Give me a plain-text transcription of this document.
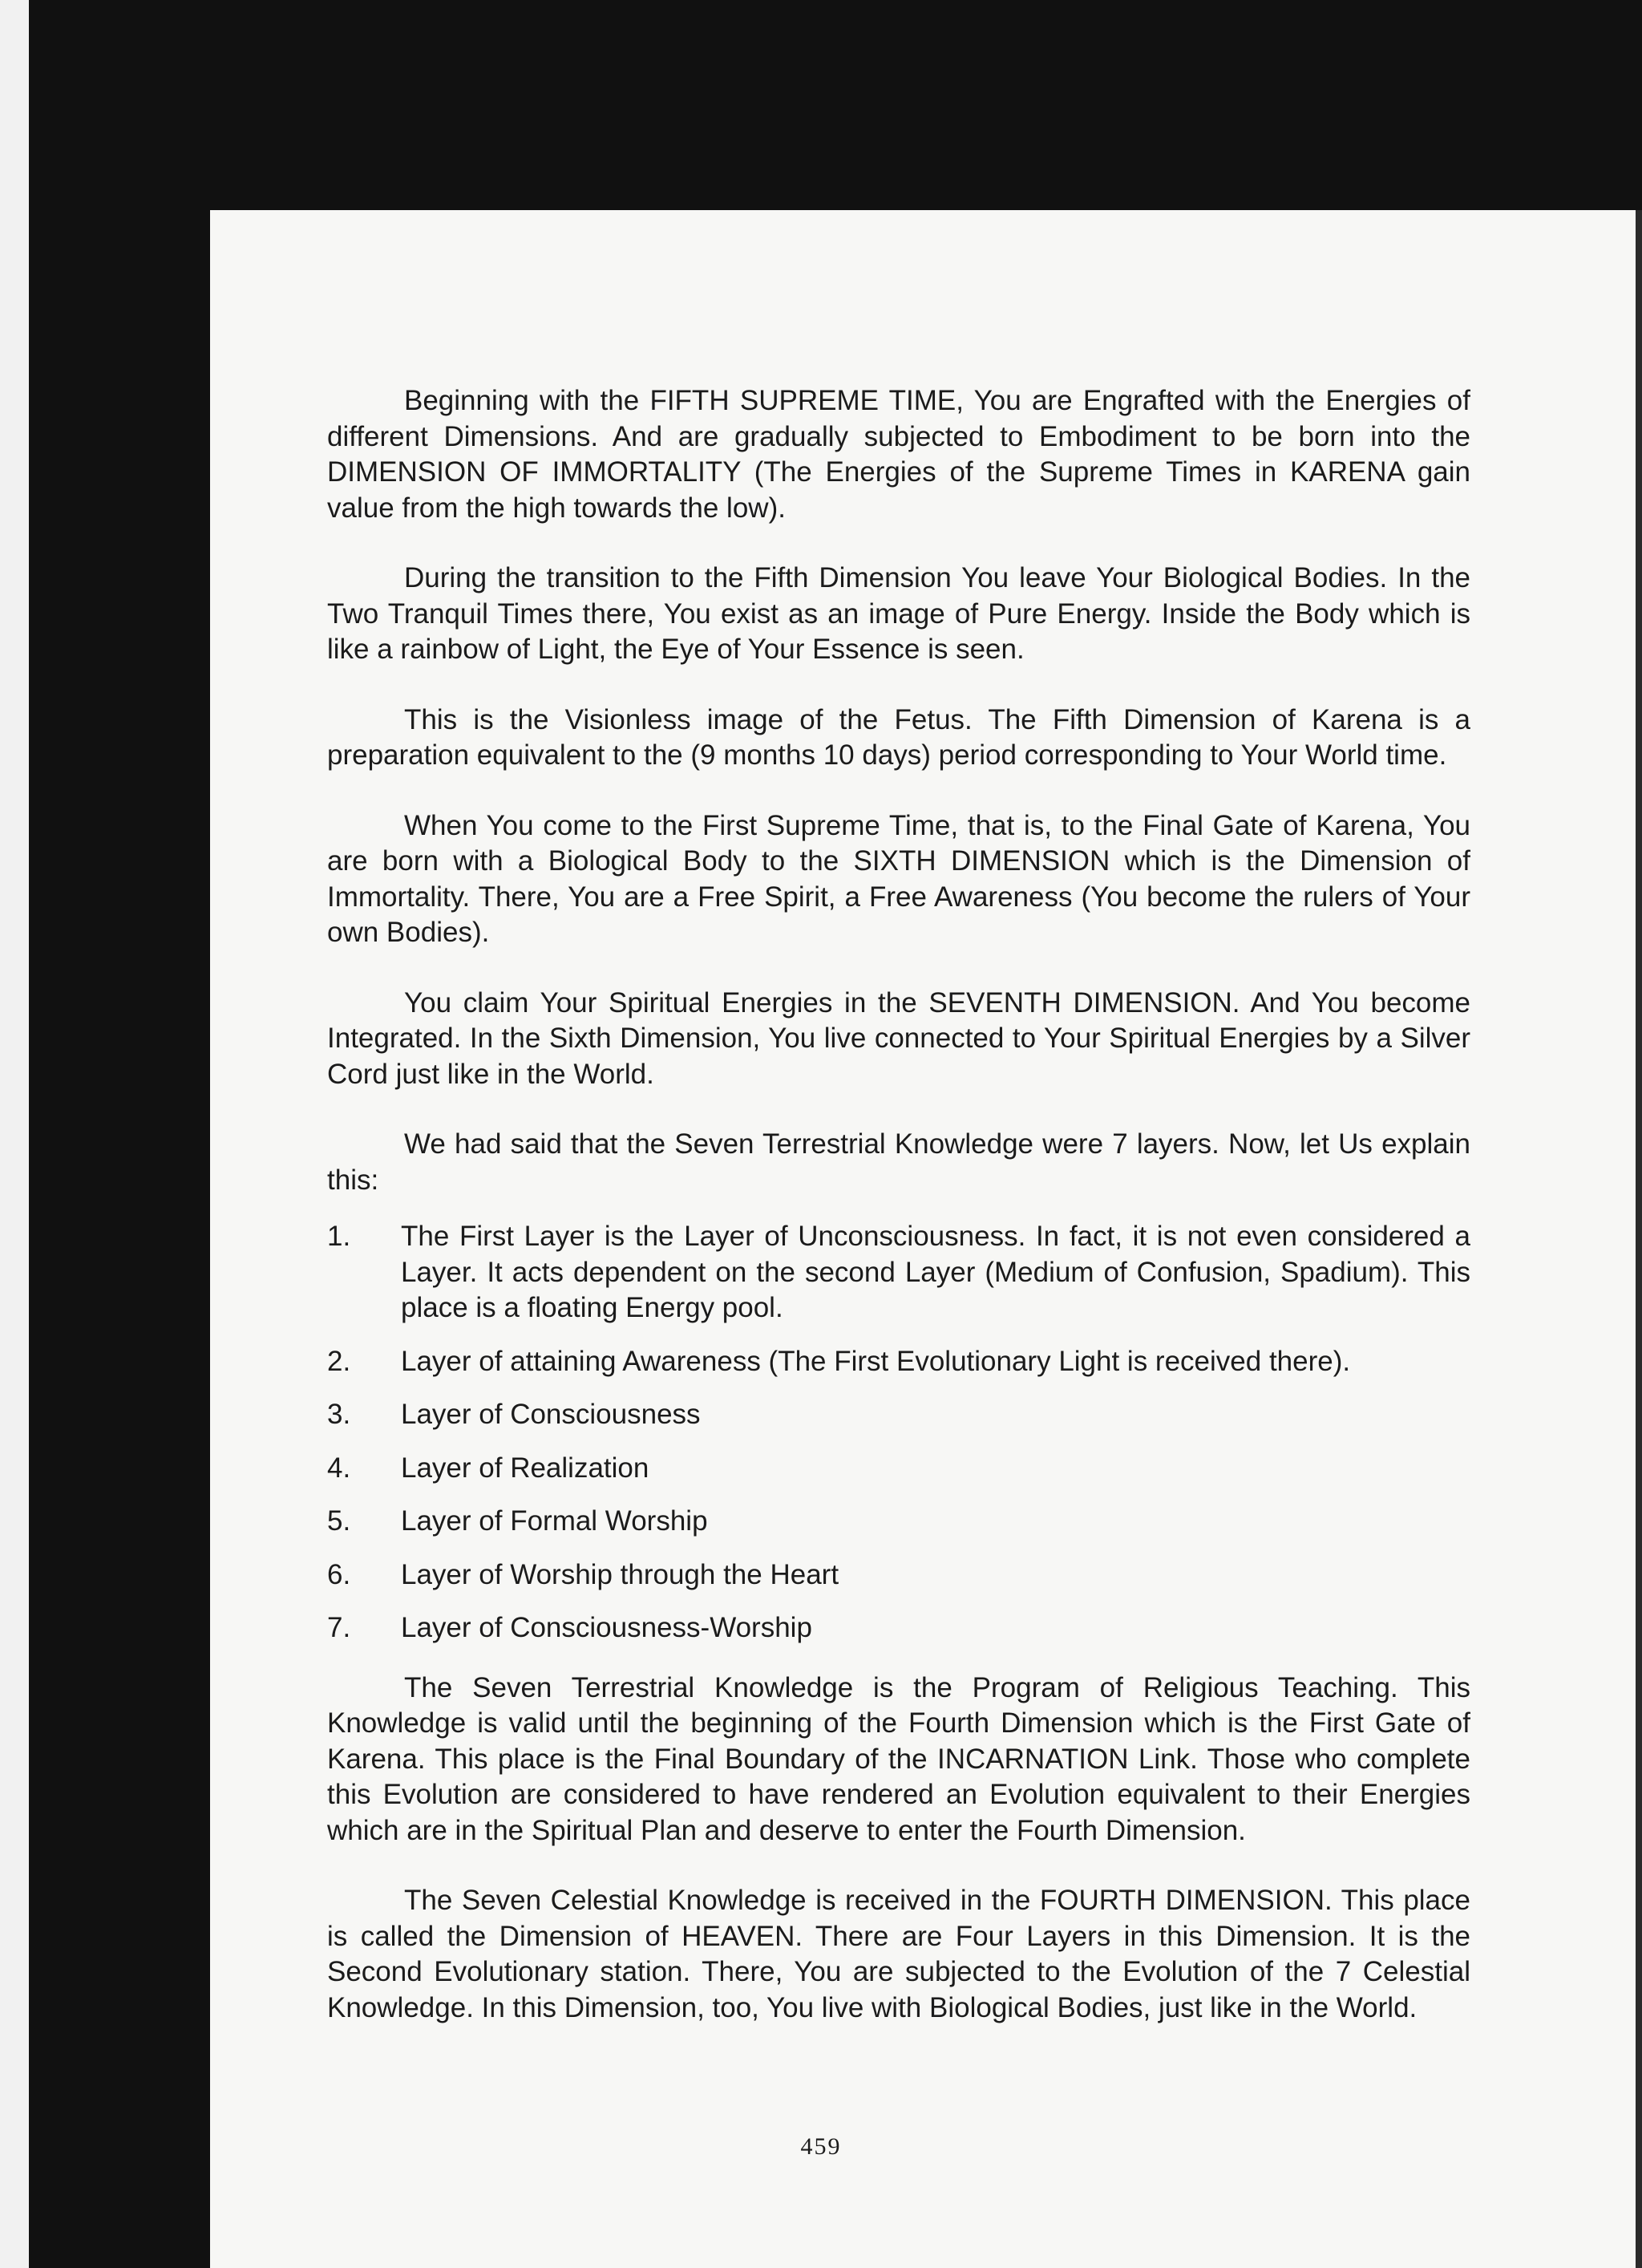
Beginning with the FIFTH SUPREME TIME, You are Engrafted with the Energies of different Dimensions. And are gradually subjected to Embodiment to be born into the DIMENSION OF IMMORTALITY (The Energies of the Supreme Times in KARENA gain value from the high towards the low).

During the transition to the Fifth Dimension You leave Your Biological Bodies. In the Two Tranquil Times there, You exist as an image of Pure Energy. Inside the Body which is like a rainbow of Light, the Eye of Your Essence is seen.

This is the Visionless image of the Fetus. The Fifth Dimension of Karena is a preparation equivalent to the (9 months 10 days) period corresponding to Your World time.

When You come to the First Supreme Time, that is, to the Final Gate of Karena, You are born with a Biological Body to the SIXTH DIMENSION which is the Dimension of Immortality. There, You are a Free Spirit, a Free Awareness (You become the rulers of Your own Bodies).

You claim Your Spiritual Energies in the SEVENTH DIMENSION. And You become Integrated. In the Sixth Dimension, You live connected to Your Spiritual Energies by a Silver Cord just like in the World.

We had said that the Seven Terrestrial Knowledge were 7 layers. Now, let Us explain this:

1.	The First Layer is the Layer of Unconsciousness. In fact, it is not even considered a Layer. It acts dependent on the second Layer (Medium of Confusion, Spadium). This place is a floating Energy pool.
2.	Layer of attaining Awareness (The First Evolutionary Light is received there).
3.	Layer of Consciousness
4.	Layer of Realization
5.	Layer of Formal Worship
6.	Layer of Worship through the Heart
7.	Layer of Consciousness-Worship

The Seven Terrestrial Knowledge is the Program of Religious Teaching. This Knowledge is valid until the beginning of the Fourth Dimension which is the First Gate of Karena. This place is the Final Boundary of the INCARNATION Link. Those who complete this Evolution are considered to have rendered an Evolution equivalent to their Energies which are in the Spiritual Plan and deserve to enter the Fourth Dimension.

The Seven Celestial Knowledge is received in the FOURTH DIMENSION. This place is called the Dimension of HEAVEN. There are Four Layers in this Dimension. It is the Second Evolutionary station. There, You are subjected to the Evolution of the 7 Celestial Knowledge. In this Dimension, too, You live with Biological Bodies, just like in the World.

459
